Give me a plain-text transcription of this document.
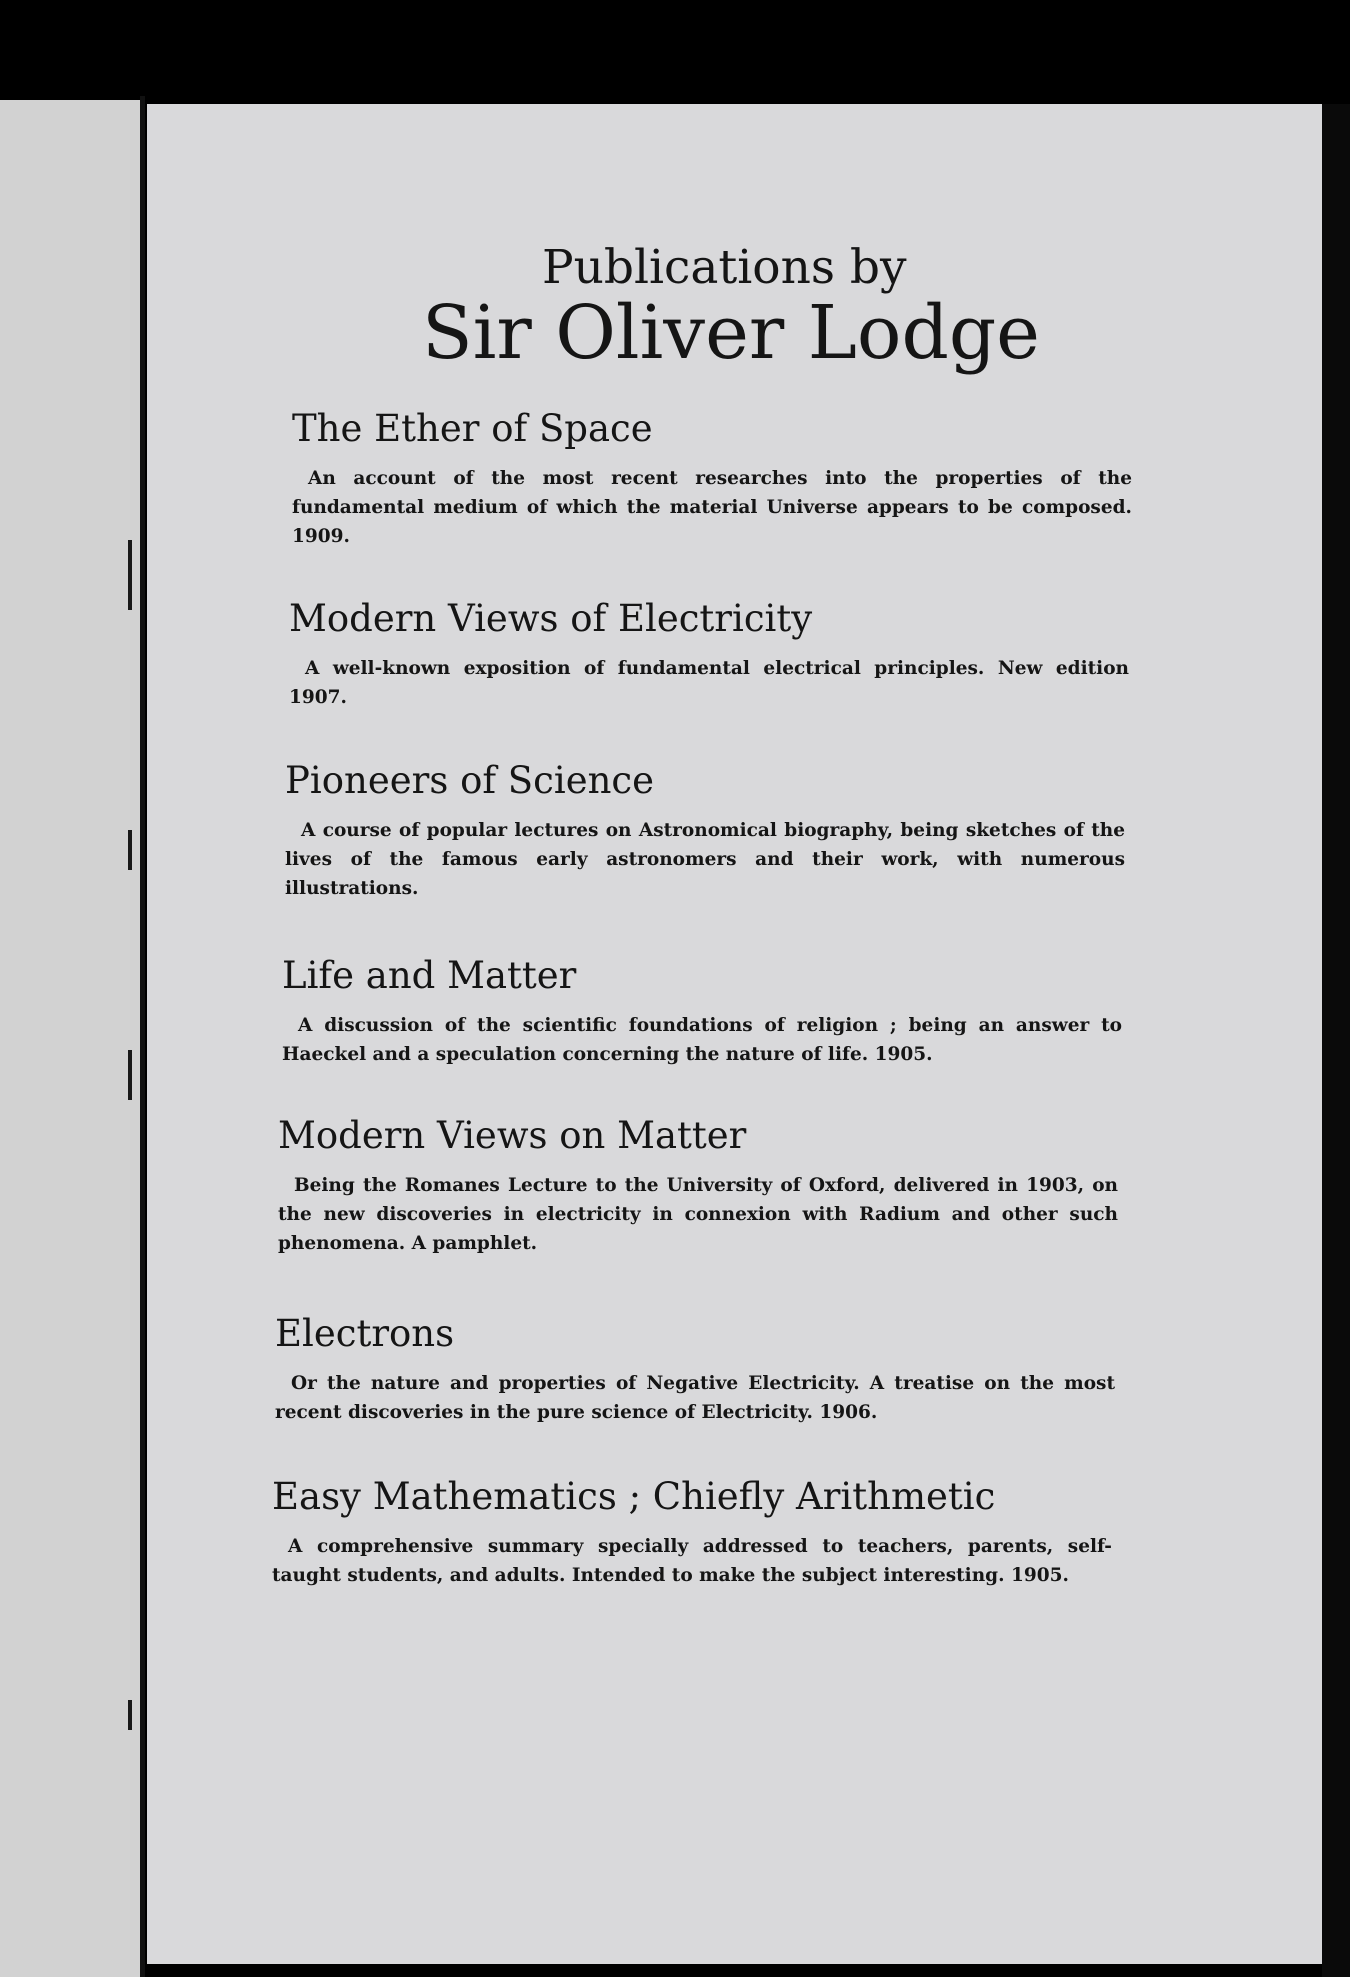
Publications by
Sir Oliver Lodge
The Ether of Space

An account of the most recent researches into the properties of the fundamental medium of which the material Universe appears to be composed. 1909.

Modern Views of Electricity

A well-known exposition of fundamental electrical principles. New edition 1907.

Pioneers of Science

A course of popular lectures on Astronomical biography, being sketches of the lives of the famous early astronomers and their work, with numerous illustrations.

Life and Matter

A discussion of the scientific foundations of religion ; being an answer to Haeckel and a speculation concerning the nature of life. 1905.

Modern Views on Matter

Being the Romanes Lecture to the University of Oxford, delivered in 1903, on the new discoveries in electricity in connexion with Radium and other such phenomena. A pamphlet.

Electrons

Or the nature and properties of Negative Electricity. A treatise on the most recent discoveries in the pure science of Electricity. 1906.

Easy Mathematics ; Chiefly Arithmetic

A comprehensive summary specially addressed to teachers, parents, self-taught students, and adults. Intended to make the subject interesting. 1905.
